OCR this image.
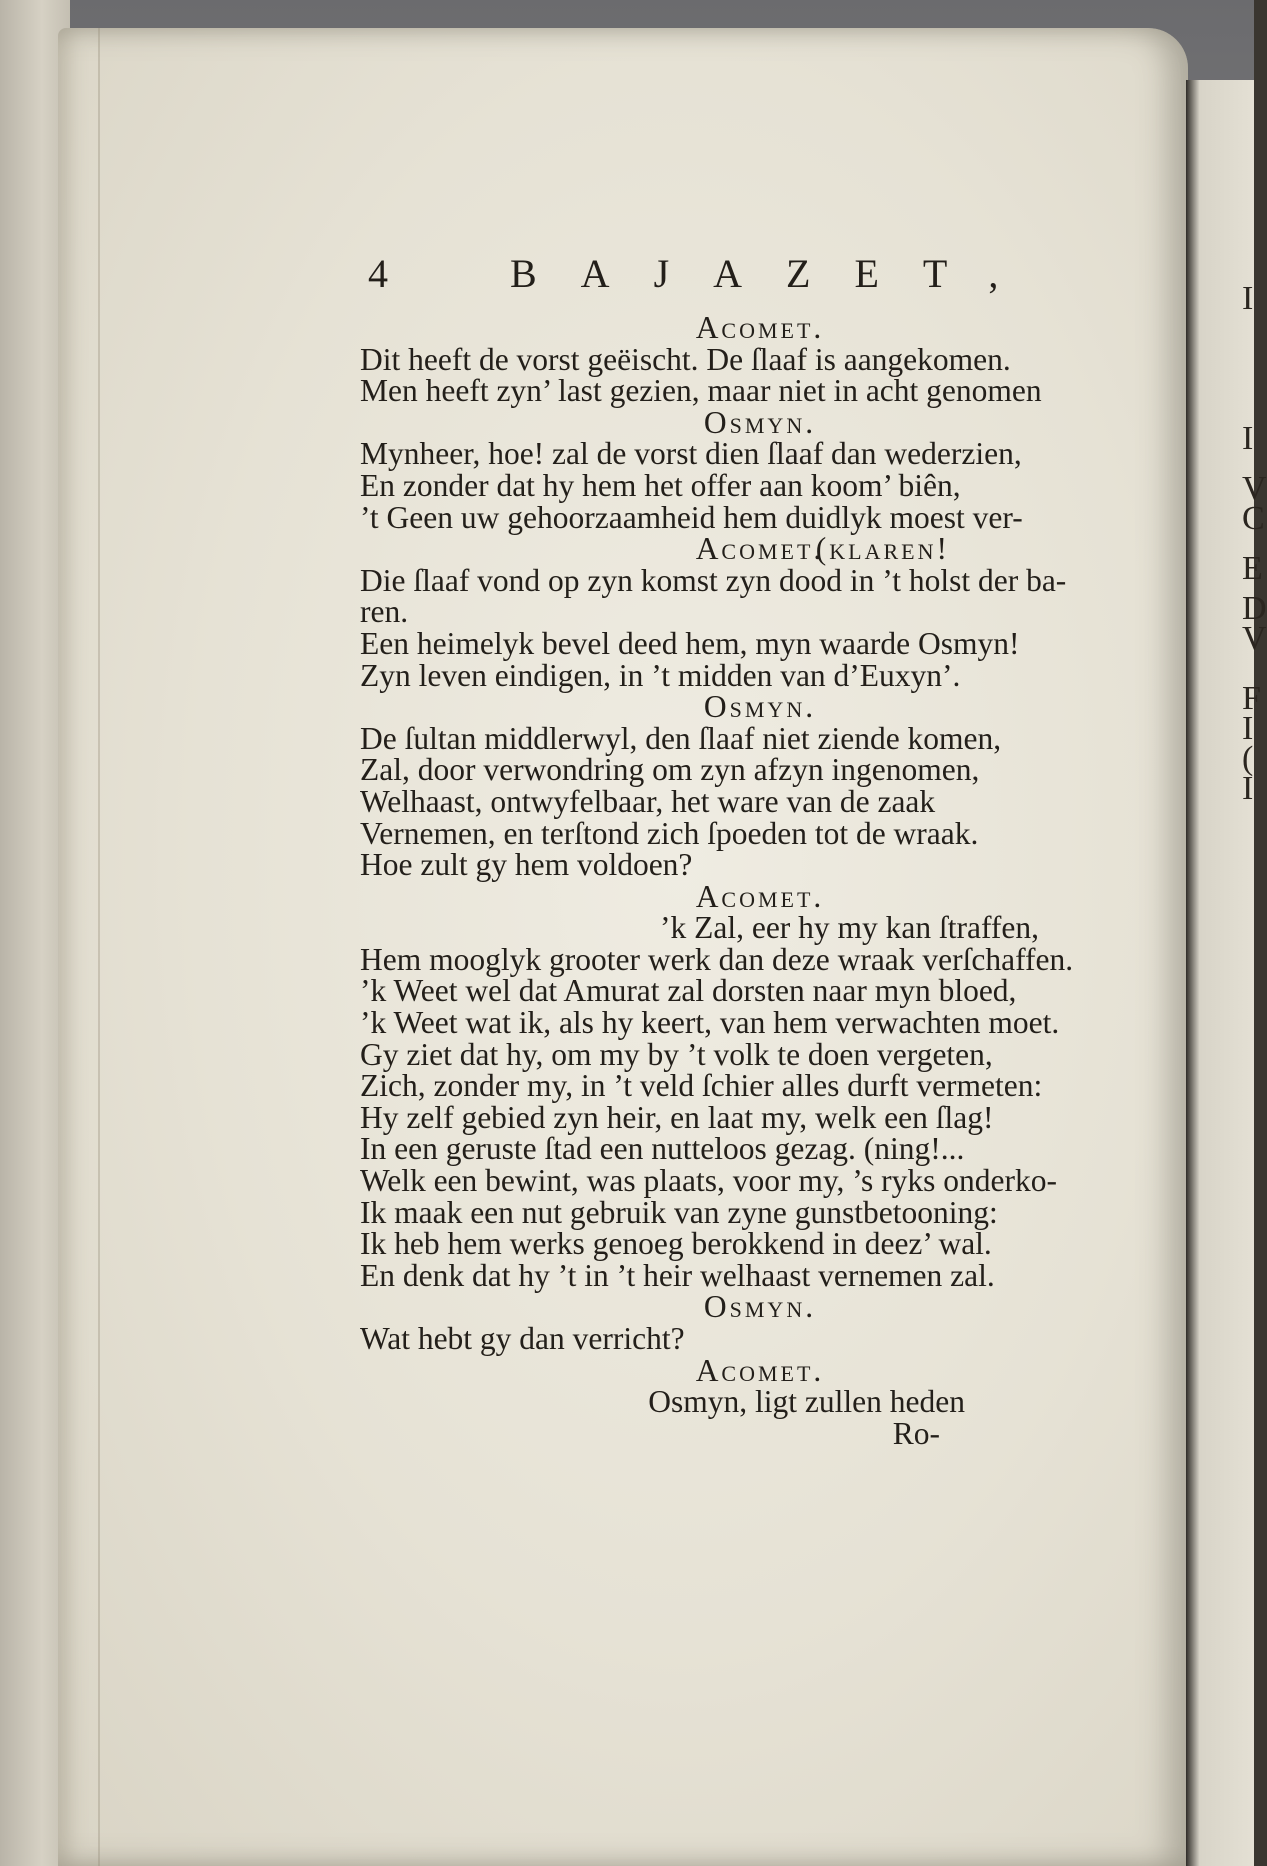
I
I
V
C
E
D
V
F
I
(
I
4	BAJAZET,
Acomet.
Dit heeft de vorst geëischt. De ſlaaf is aangekomen.
Men heeft zyn’ last gezien, maar niet in acht genomen
Osmyn.
Mynheer, hoe! zal de vorst dien ſlaaf dan wederzien,
En zonder dat hy hem het offer aan koom’ biên,
’t Geen uw gehoorzaamheid hem duidlyk moest ver-
Acomet.
(klaren!
Die ſlaaf vond op zyn komst zyn dood in ’t holst der ba-
ren.
Een heimelyk bevel deed hem, myn waarde Osmyn!
Zyn leven eindigen, in ’t midden van d’Euxyn’.
Osmyn.
De ſultan middlerwyl, den ſlaaf niet ziende komen,
Zal, door verwondring om zyn afzyn ingenomen,
Welhaast, ontwyfelbaar, het ware van de zaak
Vernemen, en terſtond zich ſpoeden tot de wraak.
Hoe zult gy hem voldoen?
Acomet.
’k Zal, eer hy my kan ſtraffen,
Hem mooglyk grooter werk dan deze wraak verſchaffen.
’k Weet wel dat Amurat zal dorsten naar myn bloed,
’k Weet wat ik, als hy keert, van hem verwachten moet.
Gy ziet dat hy, om my by ’t volk te doen vergeten,
Zich, zonder my, in ’t veld ſchier alles durft vermeten:
Hy zelf gebied zyn heir, en laat my, welk een ſlag!
In een geruste ſtad een nutteloos gezag. (ning!...
Welk een bewint, was plaats, voor my, ’s ryks onderko-
Ik maak een nut gebruik van zyne gunstbetooning:
Ik heb hem werks genoeg berokkend in deez’ wal.
En denk dat hy ’t in ’t heir welhaast vernemen zal.
Osmyn.
Wat hebt gy dan verricht?
Acomet.
Osmyn, ligt zullen heden
Ro-
